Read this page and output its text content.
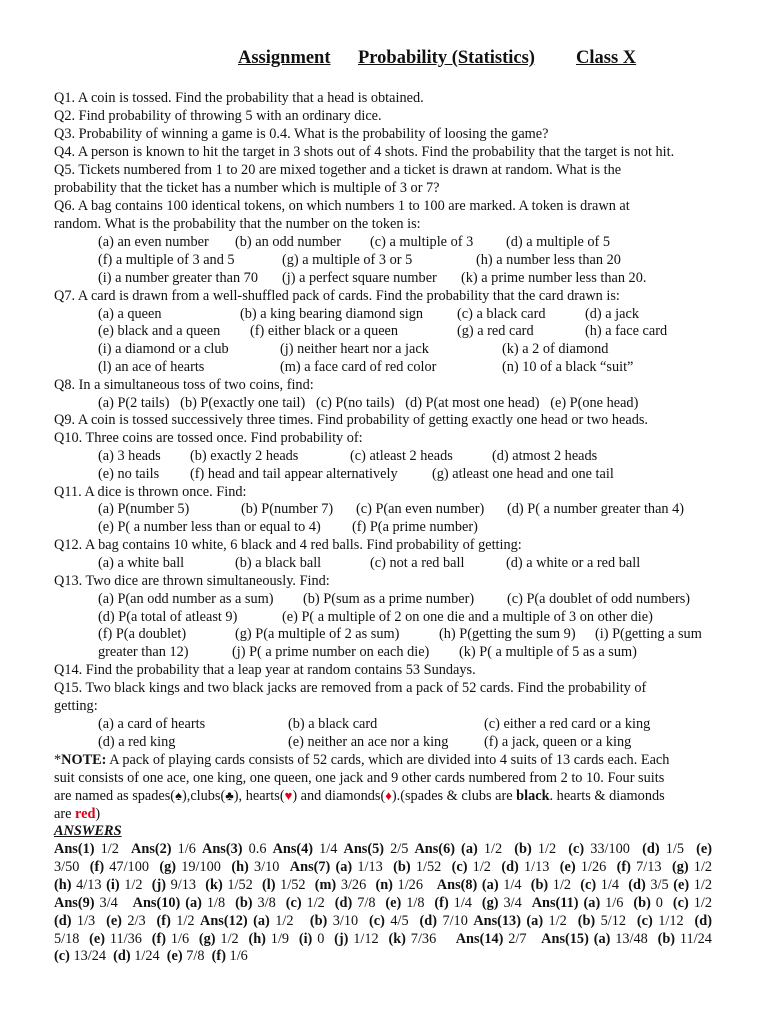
Assignment Probability (Statistics) Class X
Q1. A coin is tossed. Find the probability that a head is obtained.
Q2. Find probability of throwing 5 with an ordinary dice.
Q3. Probability of winning a game is 0.4. What is the probability of loosing the game?
Q4. A person is known to hit the target in 3 shots out of 4 shots. Find the probability that the target is not hit.
Q5. Tickets numbered from 1 to 20 are mixed together and a ticket is drawn at random. What is the
probability that the ticket has a number which is multiple of 3 or 7?
Q6. A bag contains 100 identical tokens, on which numbers 1 to 100 are marked. A token is drawn at
random. What is the probability that the number on the token is:
(a) an even number (b) an odd number (c) a multiple of 3 (d) a multiple of 5
(f) a multiple of 3 and 5	(g) a multiple of 3 or 5	(h) a number less than 20
(i) a number greater than 70 (j) a perfect square number (k) a prime number less than 20.
Q7. A card is drawn from a well-shuffled pack of cards. Find the probability that the card drawn is:
(a) a queen	(b) a king bearing diamond sign (c) a black card	(d) a jack
(e) black and a queen (f) either black or a queen	(g) a red card	(h) a face card
(i) a diamond or a club	(j) neither heart nor a jack	(k) a 2 of diamond
(l) an ace of hearts	(m) a face card of red color	(n) 10 of a black “suit”
Q8. In a simultaneous toss of two coins, find:
(a) P(2 tails)   (b) P(exactly one tail)   (c) P(no tails)   (d) P(at most one head)   (e) P(one head)
Q9. A coin is tossed successively three times. Find probability of getting exactly one head or two heads.
Q10. Three coins are tossed once. Find probability of:
(a) 3 heads (b) exactly 2 heads	(c) atleast 2 heads	(d) atmost 2 heads
(e) no tails (f) head and tail appear alternatively (g) atleast one head and one tail
Q11. A dice is thrown once. Find:
(a) P(number 5)	(b) P(number 7) (c) P(an even number) (d) P( a number greater than 4)
(e) P( a number less than or equal to 4) (f) P(a prime number)
Q12. A bag contains 10 white, 6 black and 4 red balls. Find probability of getting:
(a) a white ball	(b) a black ball	(c) not a red ball	(d) a white or a red ball
Q13. Two dice are thrown simultaneously. Find:
(a) P(an odd number as a sum) (b) P(sum as a prime number) (c) P(a doublet of odd numbers)
(d) P(a total of atleast 9)	(e) P( a multiple of 2 on one die and a multiple of 3 on other die)
(f) P(a doublet)	(g) P(a multiple of 2 as sum)	(h) P(getting the sum 9) (i) P(getting a sum
greater than 12)	(j) P( a prime number on each die) (k) P( a multiple of 5 as a sum)
Q14. Find the probability that a leap year at random contains 53 Sundays.
Q15. Two black kings and two black jacks are removed from a pack of 52 cards. Find the probability of
getting:
(a) a card of hearts	(b) a black card	(c) either a red card or a king
(d) a red king	(e) neither an ace nor a king (f) a jack, queen or a king
*NOTE: A pack of playing cards consists of 52 cards, which are divided into 4 suits of 13 cards each. Each
suit consists of one ace, one king, one queen, one jack and 9 other cards numbered from 2 to 10. Four suits
are named as spades(♠),clubs(♣), hearts(♥) and diamonds(♦).(spades & clubs are black. hearts & diamonds
are red)
ANSWERS
Ans(1) 1/2  Ans(2) 1/6 Ans(3) 0.6 Ans(4) 1/4 Ans(5) 2/5 Ans(6) (a) 1/2  (b) 1/2  (c) 33/100  (d) 1/5  (e)
3/50  (f) 47/100  (g) 19/100  (h) 3/10  Ans(7) (a) 1/13  (b) 1/52  (c) 1/2  (d) 1/13  (e) 1/26  (f) 7/13  (g) 1/2
(h) 4/13 (i) 1/2  (j) 9/13  (k) 1/52  (l) 1/52  (m) 3/26  (n) 1/26   Ans(8) (a) 1/4  (b) 1/2  (c) 1/4  (d) 3/5 (e) 1/2
Ans(9) 3/4   Ans(10) (a) 1/8  (b) 3/8  (c) 1/2  (d) 7/8  (e) 1/8  (f) 1/4  (g) 3/4  Ans(11) (a) 1/6  (b) 0  (c) 1/2
(d) 1/3  (e) 2/3  (f) 1/2 Ans(12) (a) 1/2   (b) 3/10  (c) 4/5  (d) 7/10 Ans(13) (a) 1/2  (b) 5/12  (c) 1/12  (d)
5/18  (e) 11/36  (f) 1/6  (g) 1/2  (h) 1/9  (i) 0  (j) 1/12  (k) 7/36    Ans(14) 2/7   Ans(15) (a) 13/48  (b) 11/24
(c) 13/24  (d) 1/24  (e) 7/8  (f) 1/6
